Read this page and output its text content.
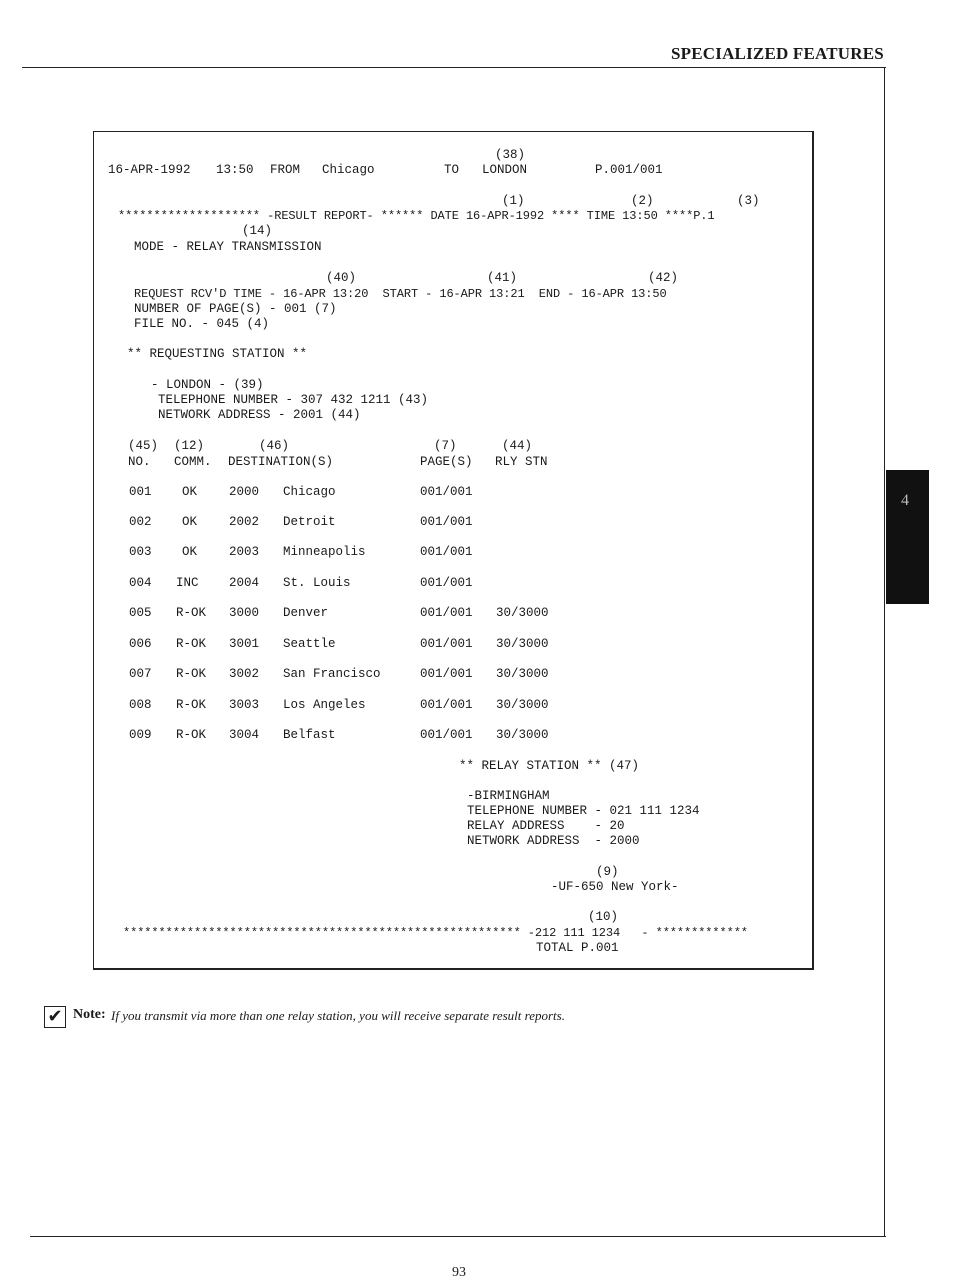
SPECIALIZED FEATURES
4
(38)
16-APR-1992 13:50 FROM Chicago	TO LONDON	P.001/001
(1)	(2)	(3)
******************** -RESULT REPORT- ****** DATE 16-APR-1992 **** TIME 13:50 ****P.1
(14)
MODE - RELAY TRANSMISSION
(40)	(41)	(42)
REQUEST RCV'D TIME - 16-APR 13:20  START - 16-APR 13:21  END - 16-APR 13:50
NUMBER OF PAGE(S) - 001 (7)
FILE NO. - 045 (4)
** REQUESTING STATION **
- LONDON - (39)
TELEPHONE NUMBER - 307 432 1211 (43)
NETWORK ADDRESS - 2001 (44)
(45) (12)	(46)	(7)	(44)
NO. COMM. DESTINATION(S)	PAGE(S) RLY STN
001 OK	2000 Chicago	001/001
002 OK	2002 Detroit	001/001
003 OK	2003 Minneapolis	001/001
004 INC 2004 St. Louis	001/001
005 R-OK 3000 Denver	001/001 30/3000
006 R-OK 3001 Seattle	001/001 30/3000
007 R-OK 3002 San Francisco	001/001 30/3000
008 R-OK 3003 Los Angeles	001/001 30/3000
009 R-OK 3004 Belfast	001/001 30/3000
** RELAY STATION ** (47)
-BIRMINGHAM
TELEPHONE NUMBER - 021 111 1234
RELAY ADDRESS    - 20
NETWORK ADDRESS  - 2000
(9)
-UF-650 New York-
(10)
******************************************************** -212 111 1234   - *************
TOTAL P.001
✔ Note: If you transmit via more than one relay station, you will receive separate result reports.
93
